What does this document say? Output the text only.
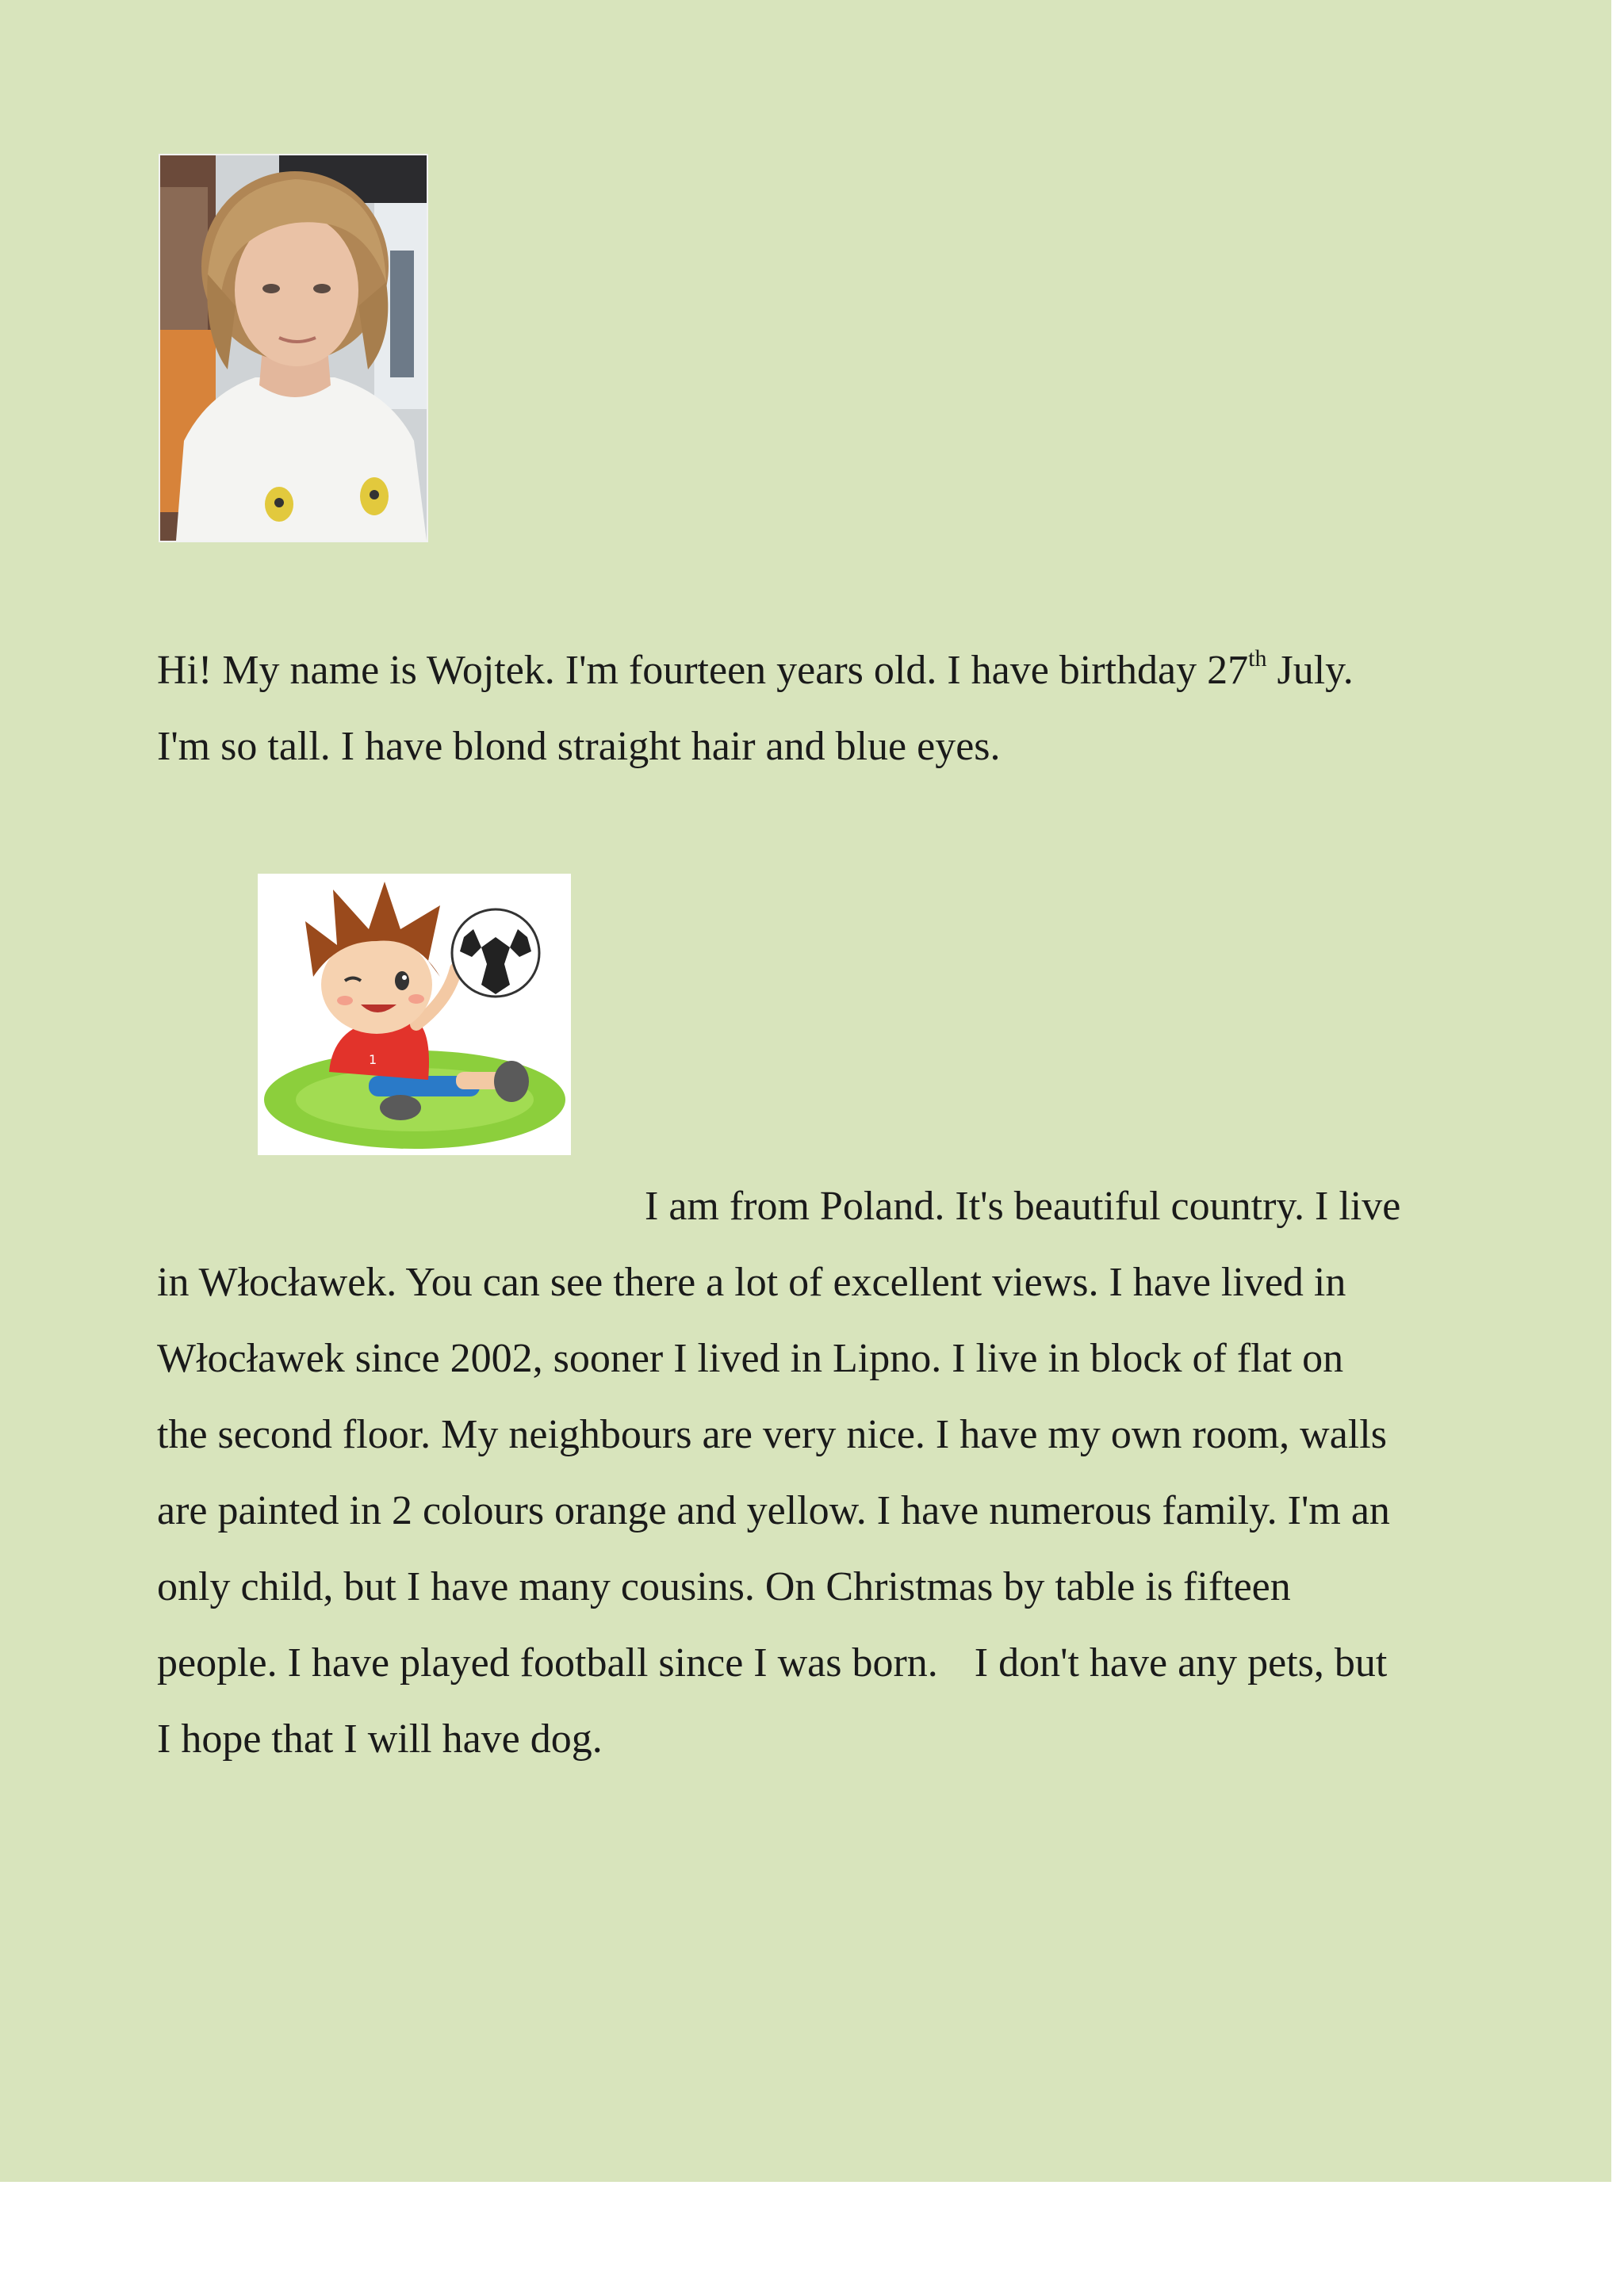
Hi! My name is Wojtek. I'm fourteen years old. I have birthday 27th July.
I'm so tall. I have blond straight hair and blue eyes.

1
I am from Poland. It's beautiful country. I live
in Włocławek. You can see there a lot of excellent views. I have lived in
Włocławek since 2002, sooner I lived in Lipno. I live in block of flat on
the second floor. My neighbours are very nice. I have my own room, walls
are painted in 2 colours orange and yellow. I have numerous family. I'm an
only child, but I have many cousins. On Christmas by table is fifteen
people. I have played football since I was born. I don't have any pets, but
I hope that I will have dog.
